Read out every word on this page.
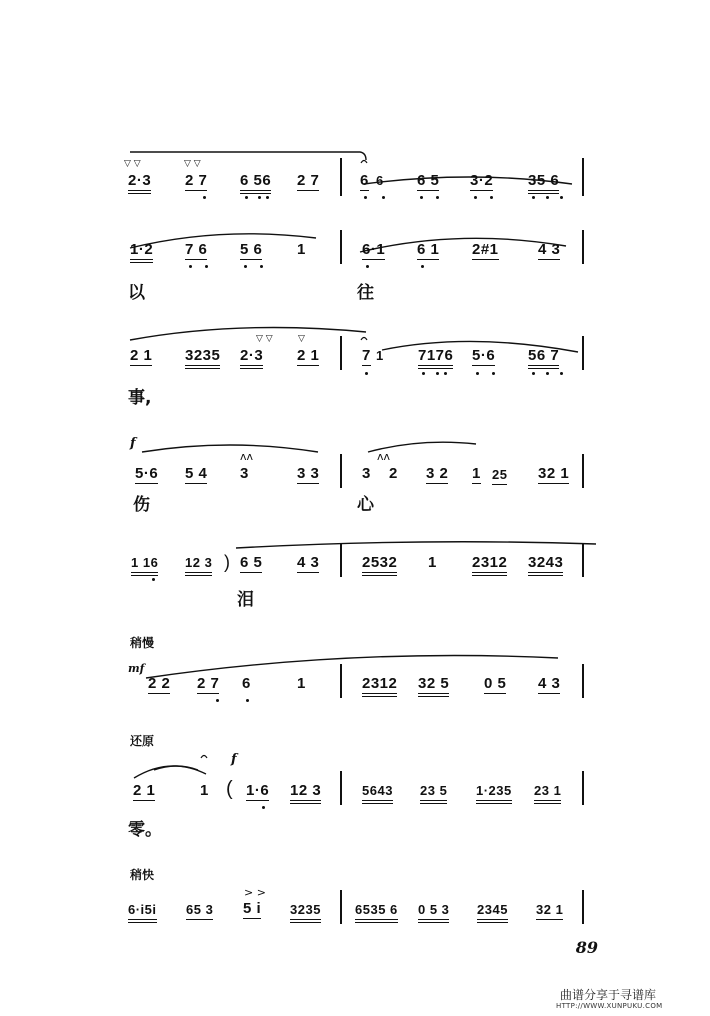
▽ ▽	▽ ▽
2·3 2 7 6 56 2 7	6 6 6 5 3·2 35 6
1·2 7 6 5 6 1	6·1 6 1 2#1	4 3
以	往
▽ ▽	▽
2 1 3235 2·3 2 1	7 1 7176 5·6 56 7
事,
f
ʌʌ	ʌʌ
5·6 5 4 3	3 3	3 2 3 2 1 25 32 1
伤	心
1 16 12 3 ) 6 5 4 3	2532 1 2312 3243
泪
稍慢
mf
2 2 2 7 6	1	2312 32 5 0 5 4 3
还原
f
2 1	1 ( 1·6 12 3	5643 23 5 1·235 23 1
零。
稍快
> >
6·i5i 65 3 5 i 3235	6535 6 0 5 3 2345 32 1
89
曲谱分享于寻谱库
HTTP://WWW.XUNPUKU.COM
